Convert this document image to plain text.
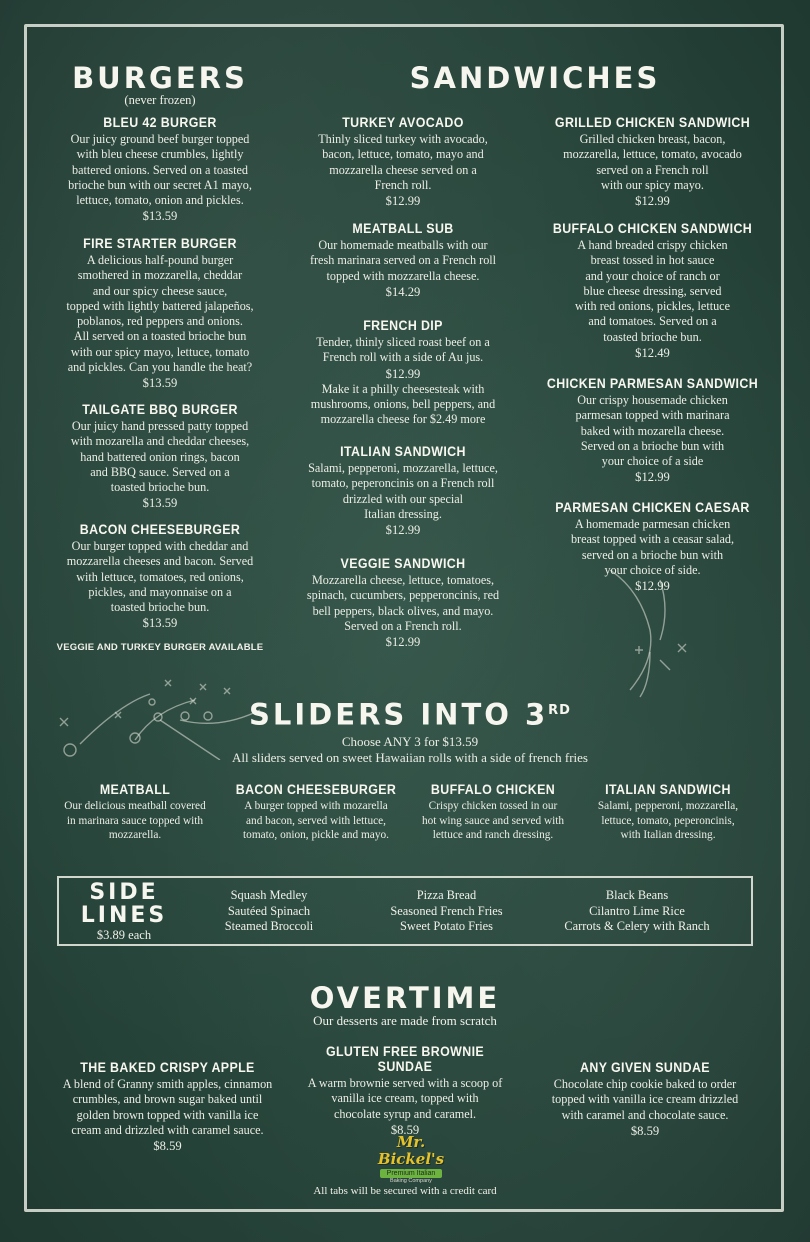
BURGERS
(never frozen)
BLEU 42 BURGER

Our juicy ground beef burger topped

with bleu cheese crumbles, lightly

battered onions. Served on a toasted

brioche bun with our secret A1 mayo,

lettuce, tomato, onion and pickles.

$13.59

FIRE STARTER BURGER

A delicious half-pound burger

smothered in mozzarella, cheddar

and our spicy cheese sauce,

topped with lightly battered jalapeños,

poblanos, red peppers and onions.

All served on a toasted brioche bun

with our spicy mayo, lettuce, tomato

and pickles. Can you handle the heat?

$13.59

TAILGATE BBQ BURGER

Our juicy hand pressed patty topped

with mozarella and cheddar cheeses,

hand battered onion rings, bacon

and BBQ sauce. Served on a

toasted brioche bun.

$13.59

BACON CHEESEBURGER

Our burger topped with cheddar and

mozzarella cheeses and bacon. Served

with lettuce, tomatoes, red onions,

pickles, and mayonnaise on a

toasted brioche bun.

$13.59

VEGGIE AND TURKEY BURGER AVAILABLE
SANDWICHES
TURKEY AVOCADO

Thinly sliced turkey with avocado,

bacon, lettuce, tomato, mayo and

mozzarella cheese served on a

French roll.

$12.99

MEATBALL SUB

Our homemade meatballs with our

fresh marinara served on a French roll

topped with mozzarella cheese.

$14.29

FRENCH DIP

Tender, thinly sliced roast beef on a

French roll with a side of Au jus.

$12.99

Make it a philly cheesesteak with

mushrooms, onions, bell peppers, and

mozzarella cheese for $2.49 more

ITALIAN SANDWICH

Salami, pepperoni, mozzarella, lettuce,

tomato, peperoncinis on a French roll

drizzled with our special

Italian dressing.

$12.99

VEGGIE SANDWICH

Mozzarella cheese, lettuce, tomatoes,

spinach, cucumbers, pepperoncinis, red

bell peppers, black olives, and mayo.

Served on a French roll.

$12.99

GRILLED CHICKEN SANDWICH

Grilled chicken breast, bacon,

mozzarella, lettuce, tomato, avocado

served on a French roll

with our spicy mayo.

$12.99

BUFFALO CHICKEN SANDWICH

A hand breaded crispy chicken

breast tossed in hot sauce

and your choice of ranch or

blue cheese dressing, served

with red onions, pickles, lettuce

and tomatoes. Served on a

toasted brioche bun.

$12.49

CHICKEN PARMESAN SANDWICH

Our crispy housemade chicken

parmesan topped with marinara

baked with mozarella cheese.

Served on a brioche bun with

your choice of a side

$12.99

PARMESAN CHICKEN CAESAR

A homemade parmesan chicken

breast topped with a ceasar salad,

served on a brioche bun with

your choice of side.

$12.99

SLIDERS INTO 3RD

Choose ANY 3 for $13.59

All sliders served on sweet Hawaiian rolls with a side of french fries

MEATBALL

Our delicious meatball covered

in marinara sauce topped with

mozzarella.

BACON CHEESEBURGER

A burger topped with mozarella

and bacon, served with lettuce,

tomato, onion, pickle and mayo.

BUFFALO CHICKEN

Crispy chicken tossed in our

hot wing sauce and served with

lettuce and ranch dressing.

ITALIAN SANDWICH

Salami, pepperoni, mozzarella,

lettuce, tomato, peperoncinis,

with Italian dressing.

SIDE
LINES
$3.89 each
Squash Medley
Sautéed Spinach
Steamed Broccoli
Pizza Bread
Seasoned French Fries
Sweet Potato Fries
Black Beans
Cilantro Lime Rice
Carrots & Celery with Ranch
OVERTIME
Our desserts are made from scratch
THE BAKED CRISPY APPLE

A blend of Granny smith apples, cinnamon

crumbles, and brown sugar baked until

golden brown topped with vanilla ice

cream and drizzled with caramel sauce.

$8.59

GLUTEN FREE BROWNIE SUNDAE

A warm brownie served with a scoop of

vanilla ice cream, topped with

chocolate syrup and caramel.

$8.59

ANY GIVEN SUNDAE

Chocolate chip cookie baked to order

topped with vanilla ice cream drizzled

with caramel and chocolate sauce.

$8.59

Mr. Bickel's
Premium Italian
Baking Company
All tabs will be secured with a credit card
